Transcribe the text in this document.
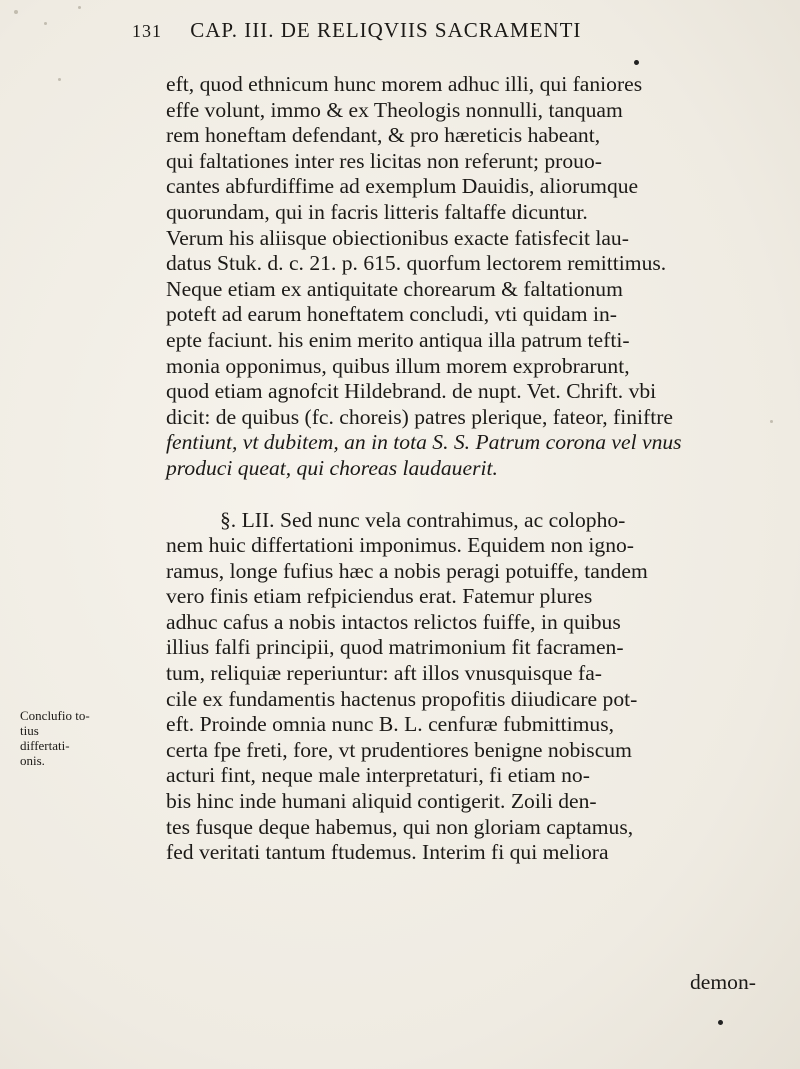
131 CAP. III. DE RELIQVIIS SACRAMENTI

eft, quod ethnicum hunc morem adhuc illi, qui faniores

effe volunt, immo & ex Theologis nonnulli, tanquam

rem honeftam defendant, & pro hæreticis habeant,

qui faltationes inter res licitas non referunt; prouo-

cantes abfurdiffime ad exemplum Dauidis, aliorumque

quorundam, qui in facris litteris faltaffe dicuntur.

Verum his aliisque obiectionibus exacte fatisfecit lau-

datus Stuk. d. c. 21. p. 615. quorfum lectorem remittimus.

Neque etiam ex antiquitate chorearum & faltationum

poteft ad earum honeftatem concludi, vti quidam in-

epte faciunt. his enim merito antiqua illa patrum tefti-

monia opponimus, quibus illum morem exprobrarunt,

quod etiam agnofcit Hildebrand. de nupt. Vet. Chrift. vbi

dicit: de quibus (fc. choreis) patres plerique, fateor, finiftre

fentiunt, vt dubitem, an in tota S. S. Patrum corona vel vnus

produci queat, qui choreas laudauerit.

§. LII. Sed nunc vela contrahimus, ac colopho-

nem huic differtationi imponimus. Equidem non igno-

ramus, longe fufius hæc a nobis peragi potuiffe, tandem

vero finis etiam refpiciendus erat. Fatemur plures

adhuc cafus a nobis intactos relictos fuiffe, in quibus

illius falfi principii, quod matrimonium fit facramen-

tum, reliquiæ reperiuntur: aft illos vnusquisque fa-

cile ex fundamentis hactenus propofitis diiudicare pot-

eft. Proinde omnia nunc B. L. cenfuræ fubmittimus,

certa fpe freti, fore, vt prudentiores benigne nobiscum

acturi fint, neque male interpretaturi, fi etiam no-

bis hinc inde humani aliquid contigerit. Zoili den-

tes fusque deque habemus, qui non gloriam captamus,

fed veritati tantum ftudemus. Interim fi qui meliora

Conclufio to-
tius differtati-
onis.
demon-
